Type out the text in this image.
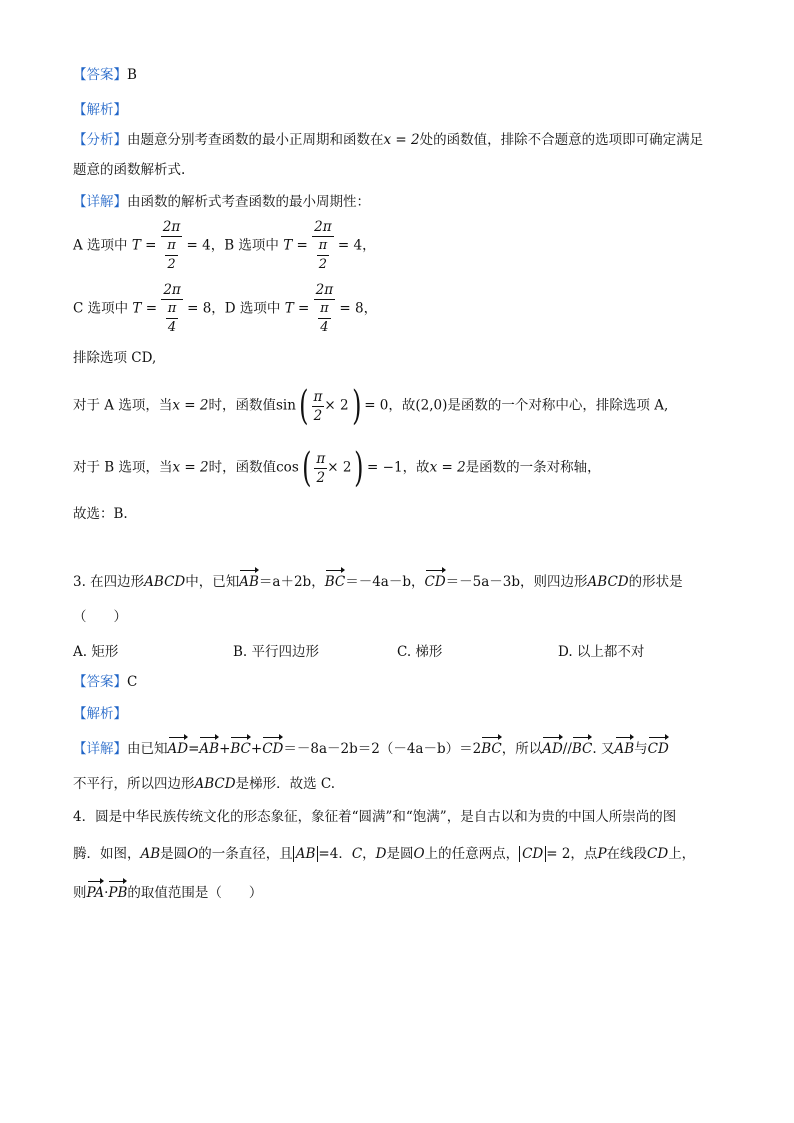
【答案】B
【解析】
【分析】由题意分别考查函数的最小正周期和函数在x = 2处的函数值，排除不合题意的选项即可确定满足
题意的函数解析式.
【详解】由函数的解析式考查函数的最小周期性：
A 选项中 $T = \frac{2\pi}{\frac{\pi}{2}} = 4$，B 选项中 $T = \frac{2\pi}{\frac{\pi}{2}} = 4$，
C 选项中 $T = \frac{2\pi}{\frac{\pi}{4}} = 8$，D 选项中 $T = \frac{2\pi}{\frac{\pi}{4}} = 8$，
排除选项 CD,
对于 A 选项，当x = 2时，函数值$\sin( \frac{\pi}{2} \times 2) = 0$，故(2,0)是函数的一个对称中心，排除选项 A,
对于 B 选项，当x = 2时，函数值$\cos( \frac{\pi}{2} \times 2) = -1$，故x = 2是函数的一条对称轴，
故选：B.
3. 在四边形ABCD中，已知AB＝a＋2b，BC＝－4a－b，CD＝－5a－3b，则四边形ABCD的形状是
（　　）
A. 矩形	B. 平行四边形	C. 梯形	D. 以上都不对
【答案】C
【解析】
【详解】由已知AD=AB+BC+CD＝－8a－2b＝2（－4a－b）＝2BC，所以AD//BC. 又AB与CD
不平行，所以四边形ABCD是梯形．故选 C.
4．圆是中华民族传统文化的形态象征，象征着“圆满”和“饱满”，是自古以和为贵的中国人所崇尚的图
腾．如图，AB是圆O的一条直径，且 AB =4．C，D是圆O上的任意两点， CD = 2，点P在线段CD上，
则PA·PB的取值范围是（　　）
